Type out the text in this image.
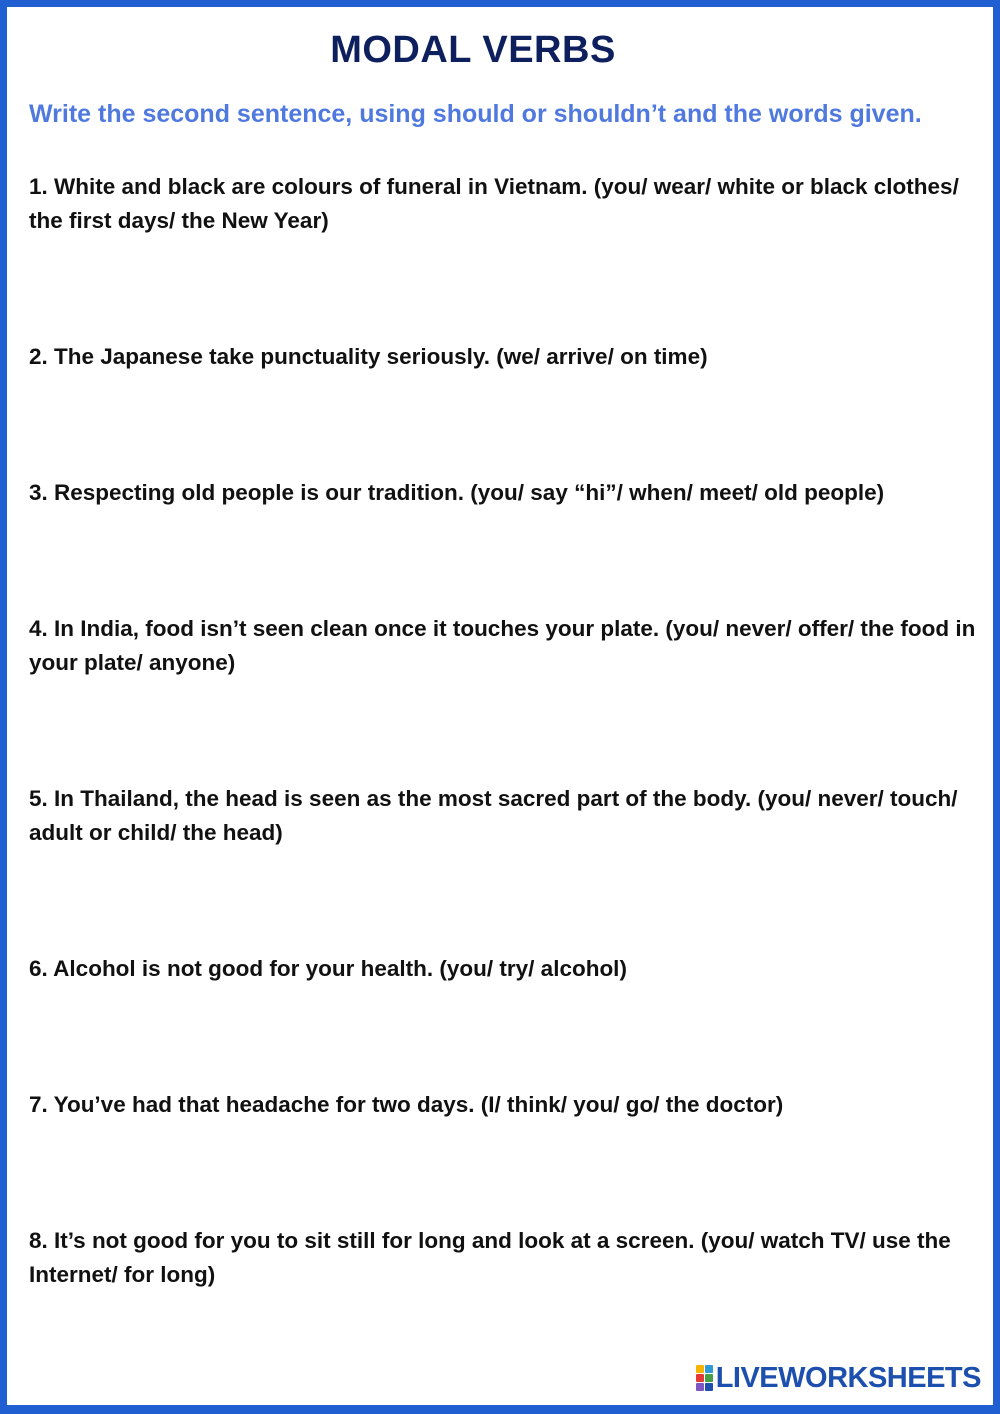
MODAL VERBS
Write the second sentence, using should or shouldn’t and the words given.
1. White and black are colours of funeral in Vietnam. (you/ wear/ white or black clothes/ the first days/ the New Year)
2. The Japanese take punctuality seriously. (we/ arrive/ on time)
3. Respecting old people is our tradition. (you/ say “hi”/ when/ meet/ old people)
4. In India, food isn’t seen clean once it touches your plate. (you/ never/ offer/ the food in your plate/ anyone)
5. In Thailand, the head is seen as the most sacred part of the body. (you/ never/ touch/ adult or child/ the head)
6. Alcohol is not good for your health. (you/ try/ alcohol)
7. You’ve had that headache for two days. (I/ think/ you/ go/ the doctor)
8. It’s not good for you to sit still for long and look at a screen. (you/ watch TV/ use the Internet/ for long)
LIVEWORKSHEETS
